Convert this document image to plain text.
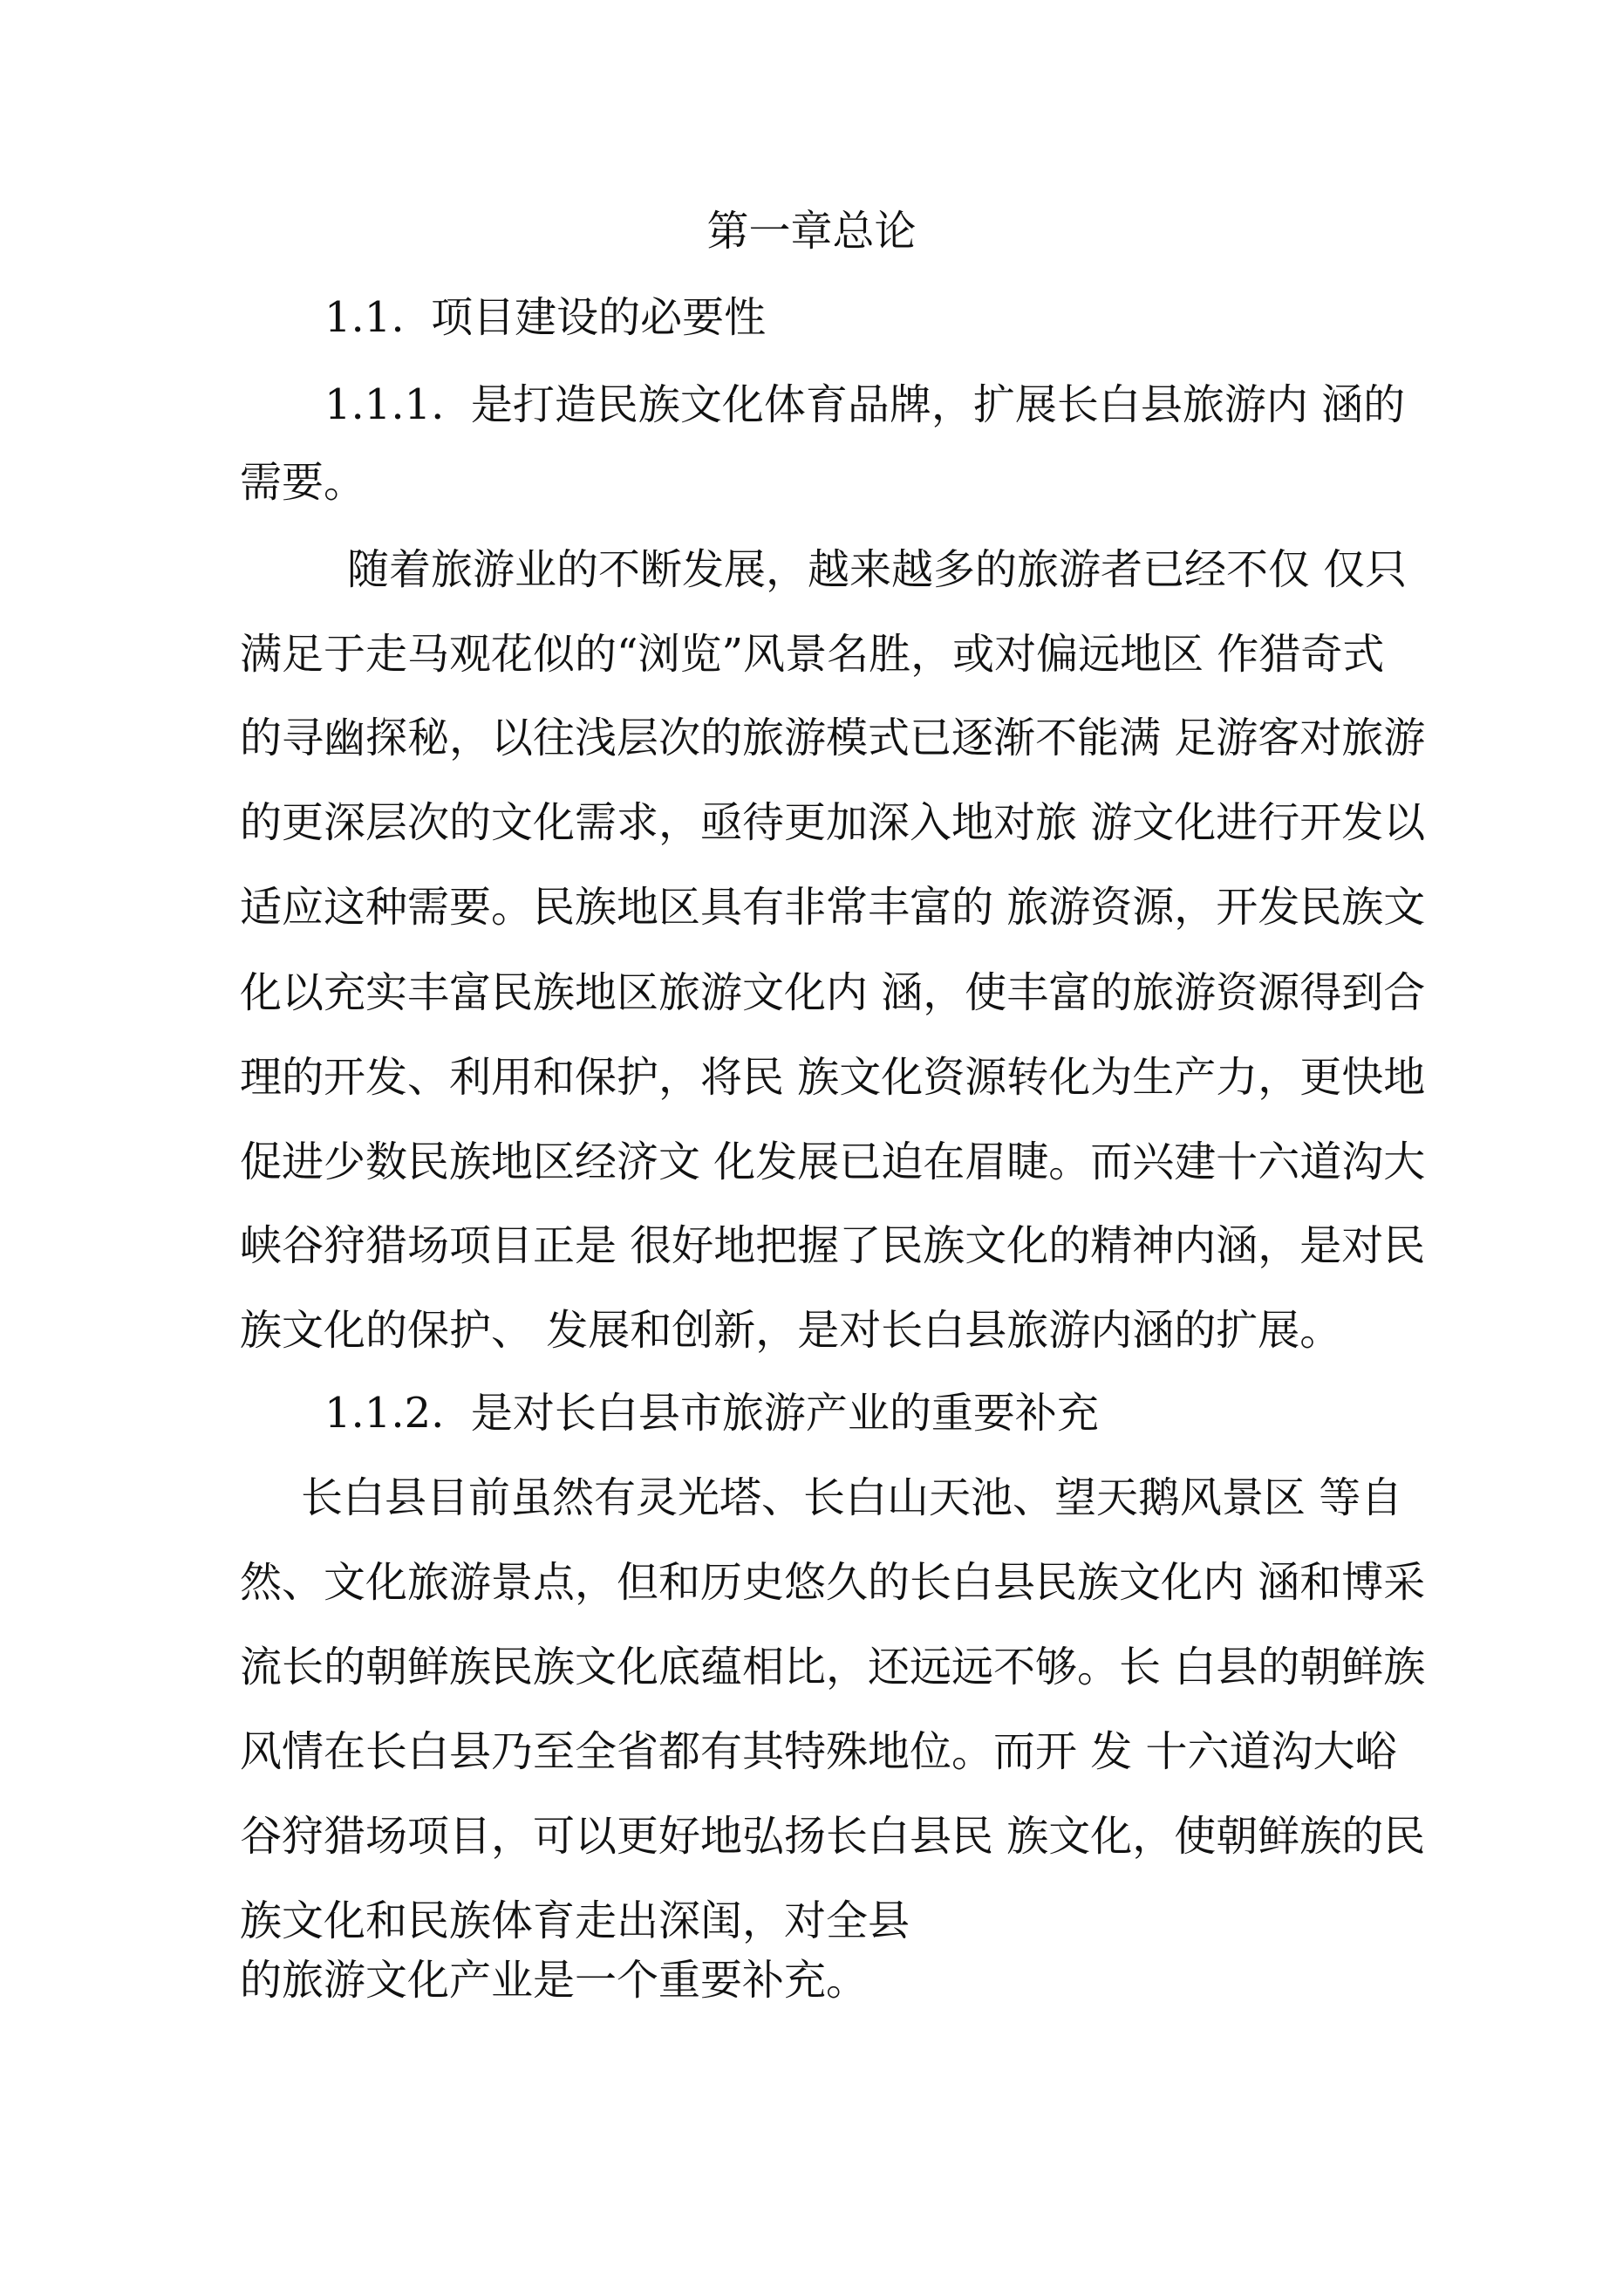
第一章总论

1.1.  项目建设的必要性

1.1.1.  是打造民族文化体育品牌，扩展长白县旅游内 涵的

需要。

随着旅游业的不断发展，越来越多的旅游者已经不仅 仅只

满足于走马观花似的“浏览”风景名胜，或对偏远地区 作猎奇式

的寻幽探秘，以往浅层次的旅游模式已逐渐不能满 足游客对旅游

的更深层次的文化需求，亟待更加深入地对旅 游文化进行开发以

适应这种需要。民族地区具有非常丰富的 旅游资源，开发民族文

化以充实丰富民族地区旅游文化内 涵，使丰富的旅游资源得到合

理的开发、利用和保护，将民 族文化资源转化为生产力，更快地

促进少数民族地区经济文 化发展已迫在眉睫。而兴建十六道沟大

峡谷狩猎场项目正是 很好地把握了民族文化的精神内涵，是对民

族文化的保护、 发展和创新，是对长白县旅游内涵的扩展。

1.1.2.  是对长白县市旅游产业的重要补充

长白县目前虽然有灵光塔、长白山天池、望天鹅风景区 等自

然、文化旅游景点，但和历史悠久的长白县民族文化内 涵和博采

流长的朝鲜族民族文化底蕴相比，还远远不够。长 白县的朝鲜族

风情在长白县乃至全省都有其特殊地位。而开 发 十六道沟大峪

谷狩猎场项目，可以更好地弘扬长白县民 族文化，使朝鲜族的民

族文化和民族体育走出深闺，对全县

的旅游文化产业是一个重要补充。
